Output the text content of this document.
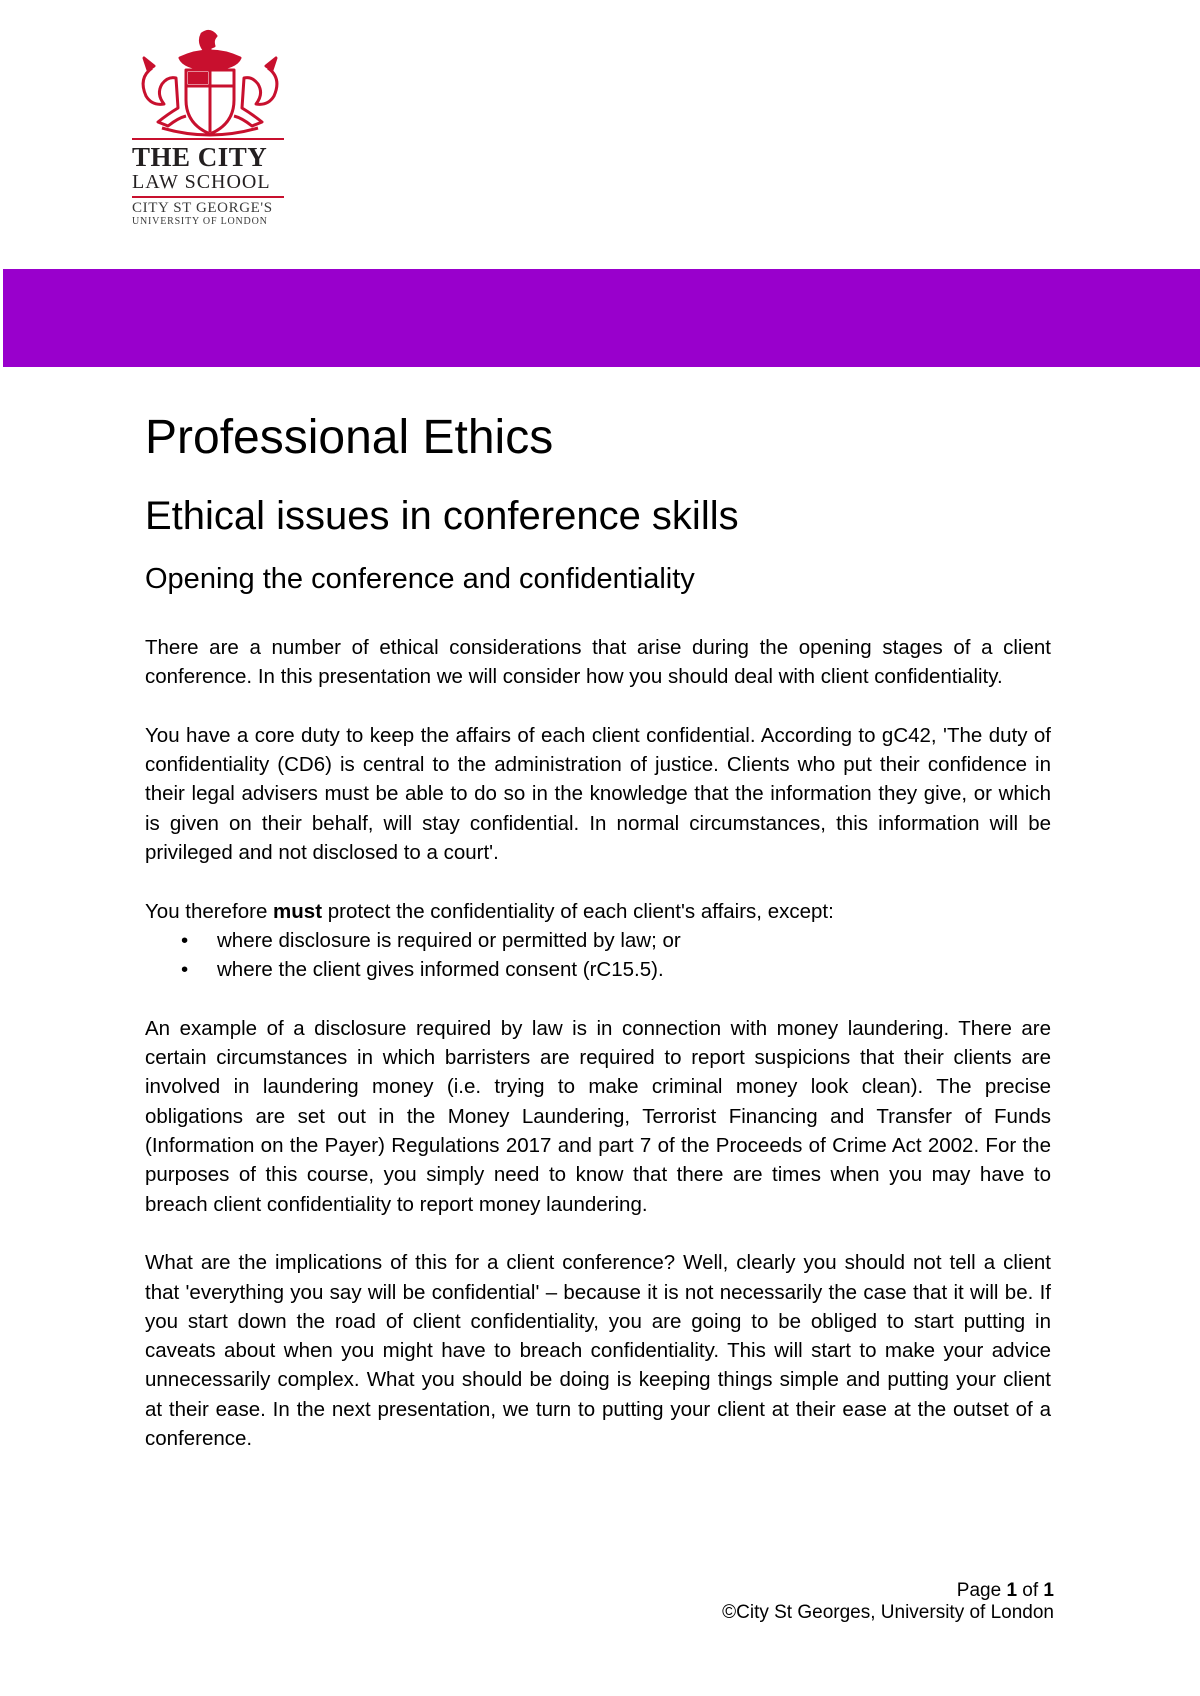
THE CITY
LAW SCHOOL
CITY ST GEORGE'S
UNIVERSITY OF LONDON
Professional Ethics
Ethical issues in conference skills
Opening the conference and confidentiality

There are a number of ethical considerations that arise during the opening stages of a client conference. In this presentation we will consider how you should deal with client confidentiality.

You have a core duty to keep the affairs of each client confidential. According to gC42, 'The duty of confidentiality (CD6) is central to the administration of justice. Clients who put their confidence in their legal advisers must be able to do so in the knowledge that the information they give, or which is given on their behalf, will stay confidential. In normal circumstances, this information will be privileged and not disclosed to a court'.

You therefore must protect the confidentiality of each client's affairs, except:

• where disclosure is required or permitted by law; or
• where the client gives informed consent (rC15.5).

An example of a disclosure required by law is in connection with money laundering. There are certain circumstances in which barristers are required to report suspicions that their clients are involved in laundering money (i.e. trying to make criminal money look clean). The precise obligations are set out in the Money Laundering, Terrorist Financing and Transfer of Funds (Information on the Payer) Regulations 2017 and part 7 of the Proceeds of Crime Act 2002. For the purposes of this course, you simply need to know that there are times when you may have to breach client confidentiality to report money laundering.

What are the implications of this for a client conference? Well, clearly you should not tell a client that 'everything you say will be confidential' – because it is not necessarily the case that it will be. If you start down the road of client confidentiality, you are going to be obliged to start putting in caveats about when you might have to breach confidentiality. This will start to make your advice unnecessarily complex. What you should be doing is keeping things simple and putting your client at their ease. In the next presentation, we turn to putting your client at their ease at the outset of a conference.

Page 1 of 1
©City St Georges, University of London
